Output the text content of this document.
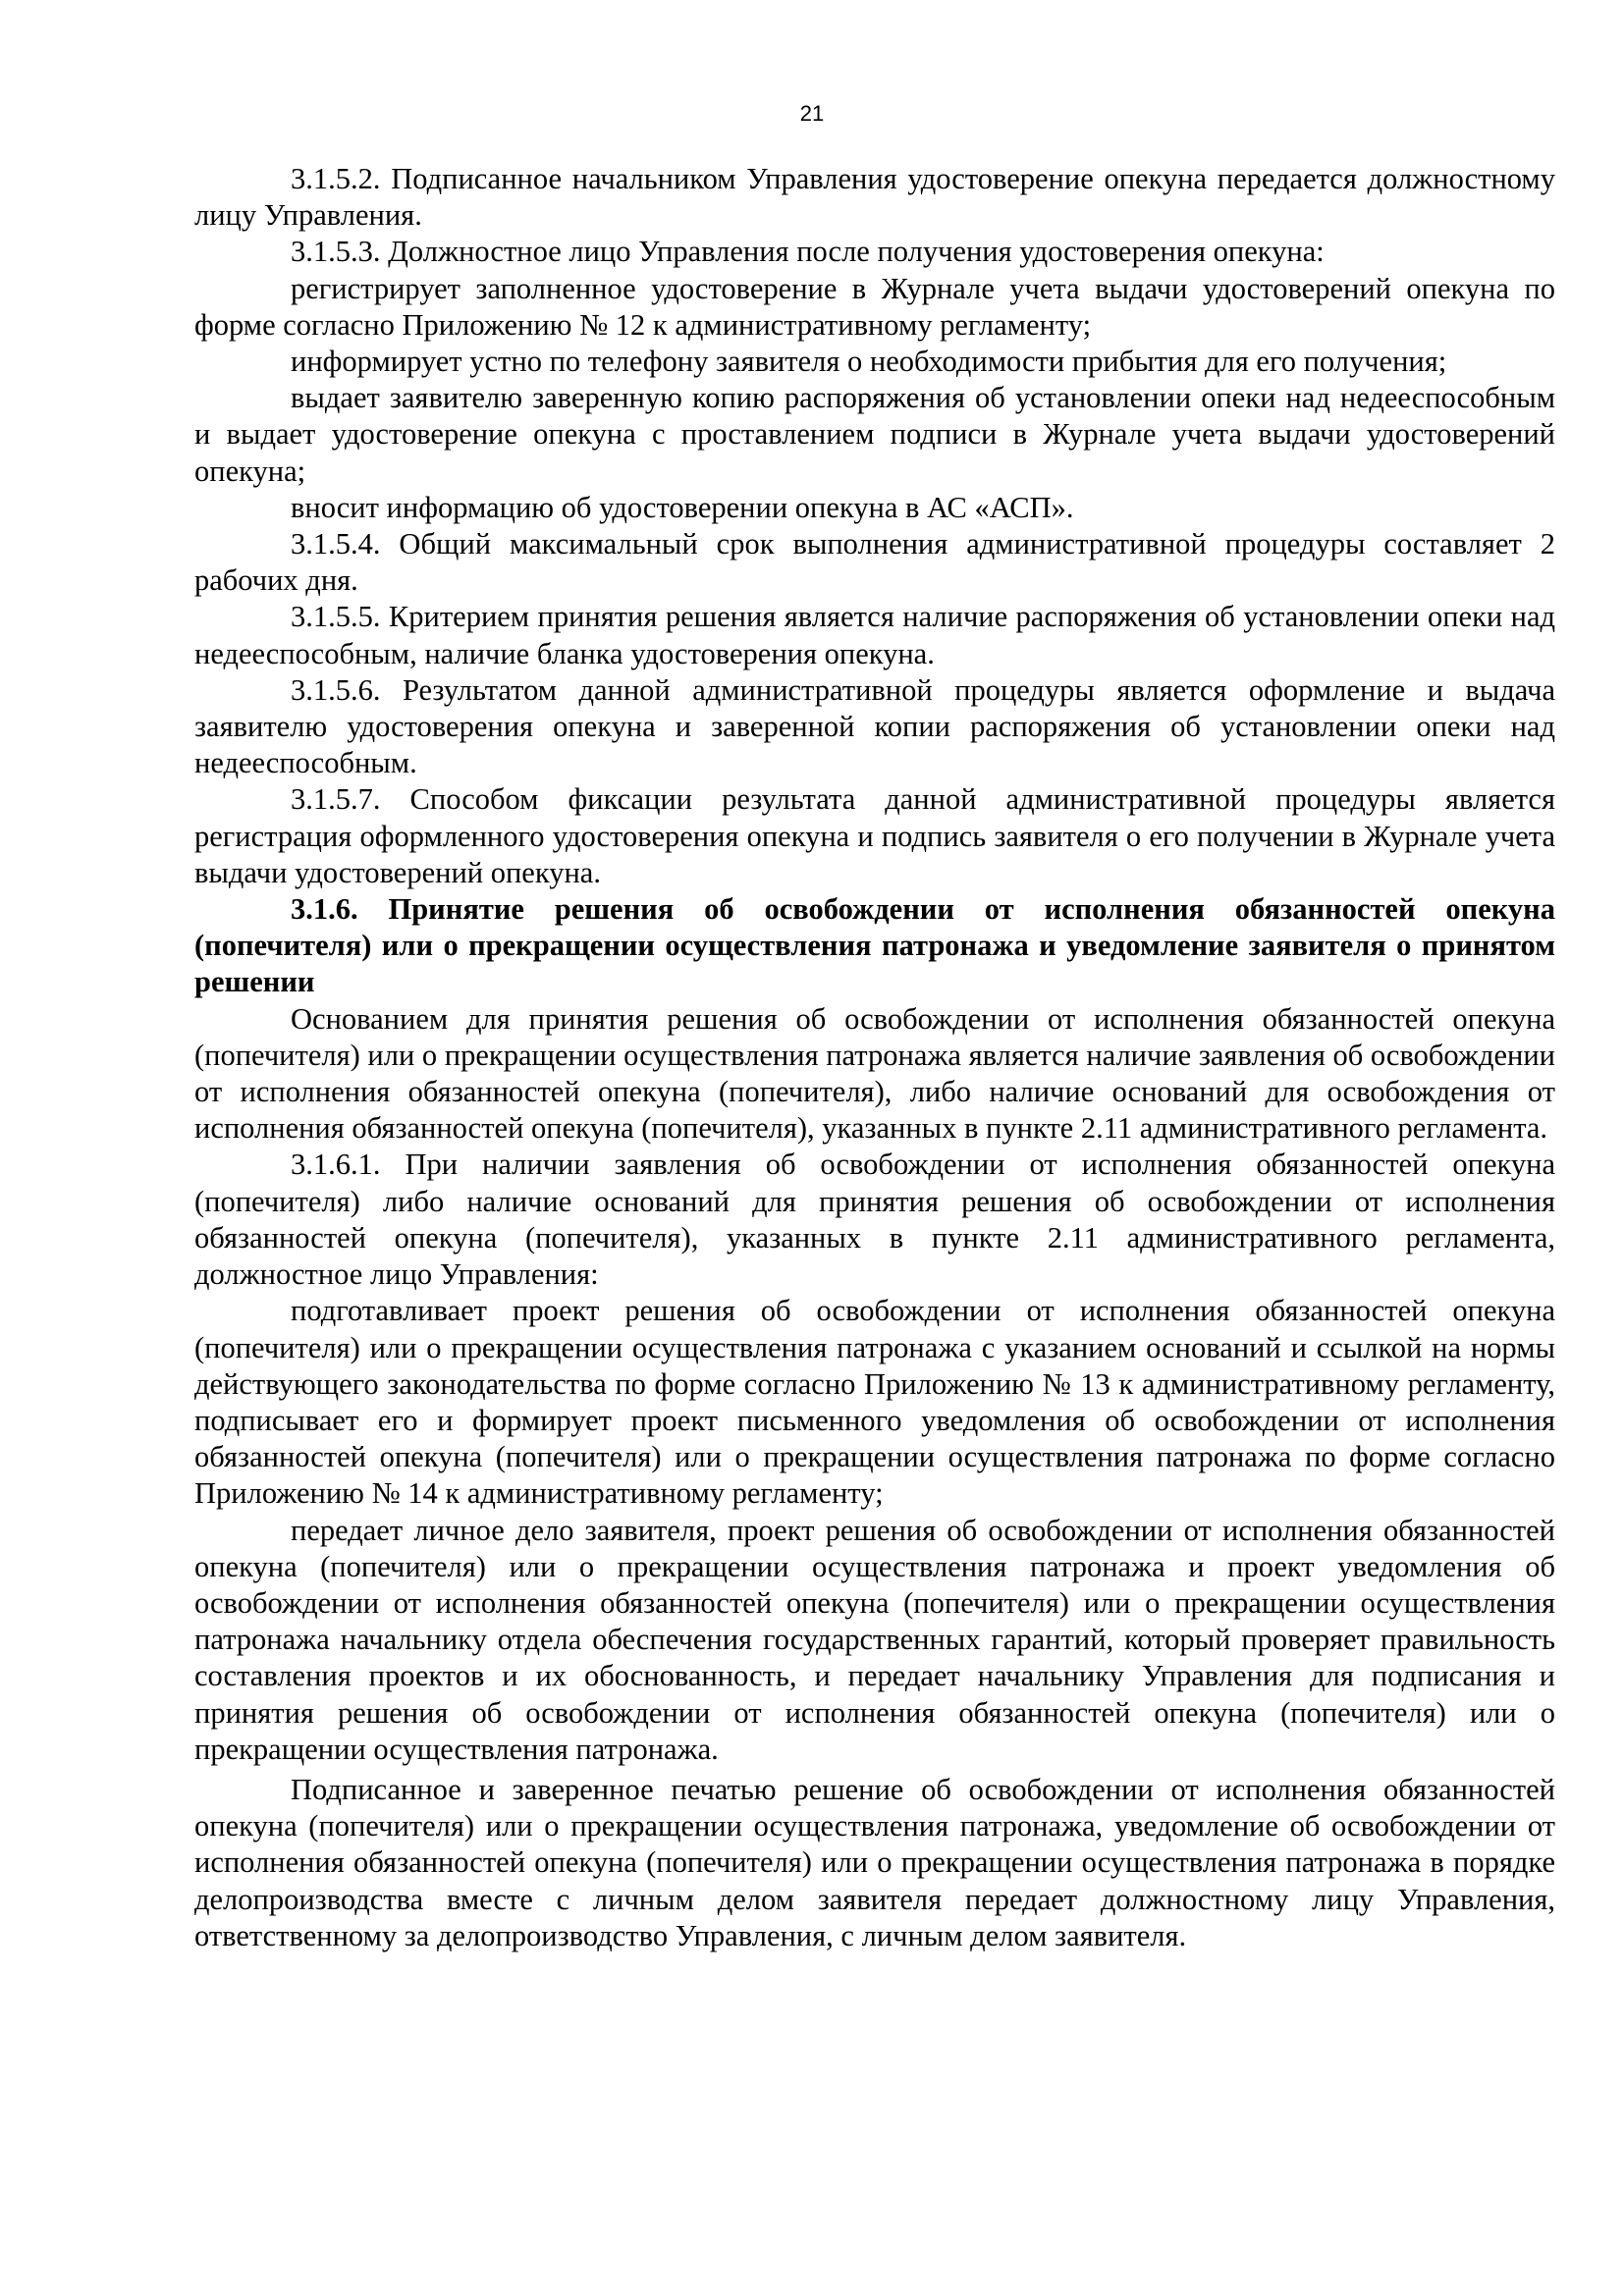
21

3.1.5.2. Подписанное начальником Управления удостоверение опекуна передается должностному лицу Управления.

3.1.5.3. Должностное лицо Управления после получения удостоверения опекуна:

регистрирует заполненное удостоверение в Журнале учета выдачи удостоверений опекуна по форме согласно Приложению № 12 к административному регламенту;

информирует устно по телефону заявителя о необходимости прибытия для его получения;

выдает заявителю заверенную копию распоряжения об установлении опеки над недееспособным и выдает удостоверение опекуна с проставлением подписи в Журнале учета выдачи удостоверений опекуна;

вносит информацию об удостоверении опекуна в АС «АСП».

3.1.5.4. Общий максимальный срок выполнения административной процедуры составляет 2 рабочих дня.

3.1.5.5. Критерием принятия решения является наличие распоряжения об установлении опеки над недееспособным, наличие бланка удостоверения опекуна.

3.1.5.6. Результатом данной административной процедуры является оформление и выдача заявителю удостоверения опекуна и заверенной копии распоряжения об установлении опеки над недееспособным.

3.1.5.7. Способом фиксации результата данной административной процедуры является регистрация оформленного удостоверения опекуна и подпись заявителя о его получении в Журнале учета выдачи удостоверений опекуна.

3.1.6. Принятие решения об освобождении от исполнения обязанностей опекуна (попечителя) или о прекращении осуществления патронажа и уведомление заявителя о принятом решении

Основанием для принятия решения об освобождении от исполнения обязанностей опекуна (попечителя) или о прекращении осуществления патронажа является наличие заявления об освобождении от исполнения обязанностей опекуна (попечителя), либо наличие оснований для освобождения от исполнения обязанностей опекуна (попечителя), указанных в пункте 2.11 административного регламента.

3.1.6.1. При наличии заявления об освобождении от исполнения обязанностей опекуна (попечителя) либо наличие оснований для принятия решения об освобождении от исполнения обязанностей опекуна (попечителя), указанных в пункте 2.11 административного регламента, должностное лицо Управления:

подготавливает проект решения об освобождении от исполнения обязанностей опекуна (попечителя) или о прекращении осуществления патронажа с указанием оснований и ссылкой на нормы действующего законодательства по форме согласно Приложению № 13 к административному регламенту, подписывает его и формирует проект письменного уведомления об освобождении от исполнения обязанностей опекуна (попечителя) или о прекращении осуществления патронажа по форме согласно Приложению № 14 к административному регламенту;

передает личное дело заявителя, проект решения об освобождении от исполнения обязанностей опекуна (попечителя) или о прекращении осуществления патронажа и проект уведомления об освобождении от исполнения обязанностей опекуна (попечителя) или о прекращении осуществления патронажа начальнику отдела обеспечения государственных гарантий, который проверяет правильность составления проектов и их обоснованность, и передает начальнику Управления для подписания и принятия решения об освобождении от исполнения обязанностей опекуна (попечителя) или о прекращении осуществления патронажа.

Подписанное и заверенное печатью решение об освобождении от исполнения обязанностей опекуна (попечителя) или о прекращении осуществления патронажа, уведомление об освобождении от исполнения обязанностей опекуна (попечителя) или о прекращении осуществления патронажа в порядке делопроизводства вместе с личным делом заявителя передает должностному лицу Управления, ответственному за делопроизводство Управления, с личным делом заявителя.
